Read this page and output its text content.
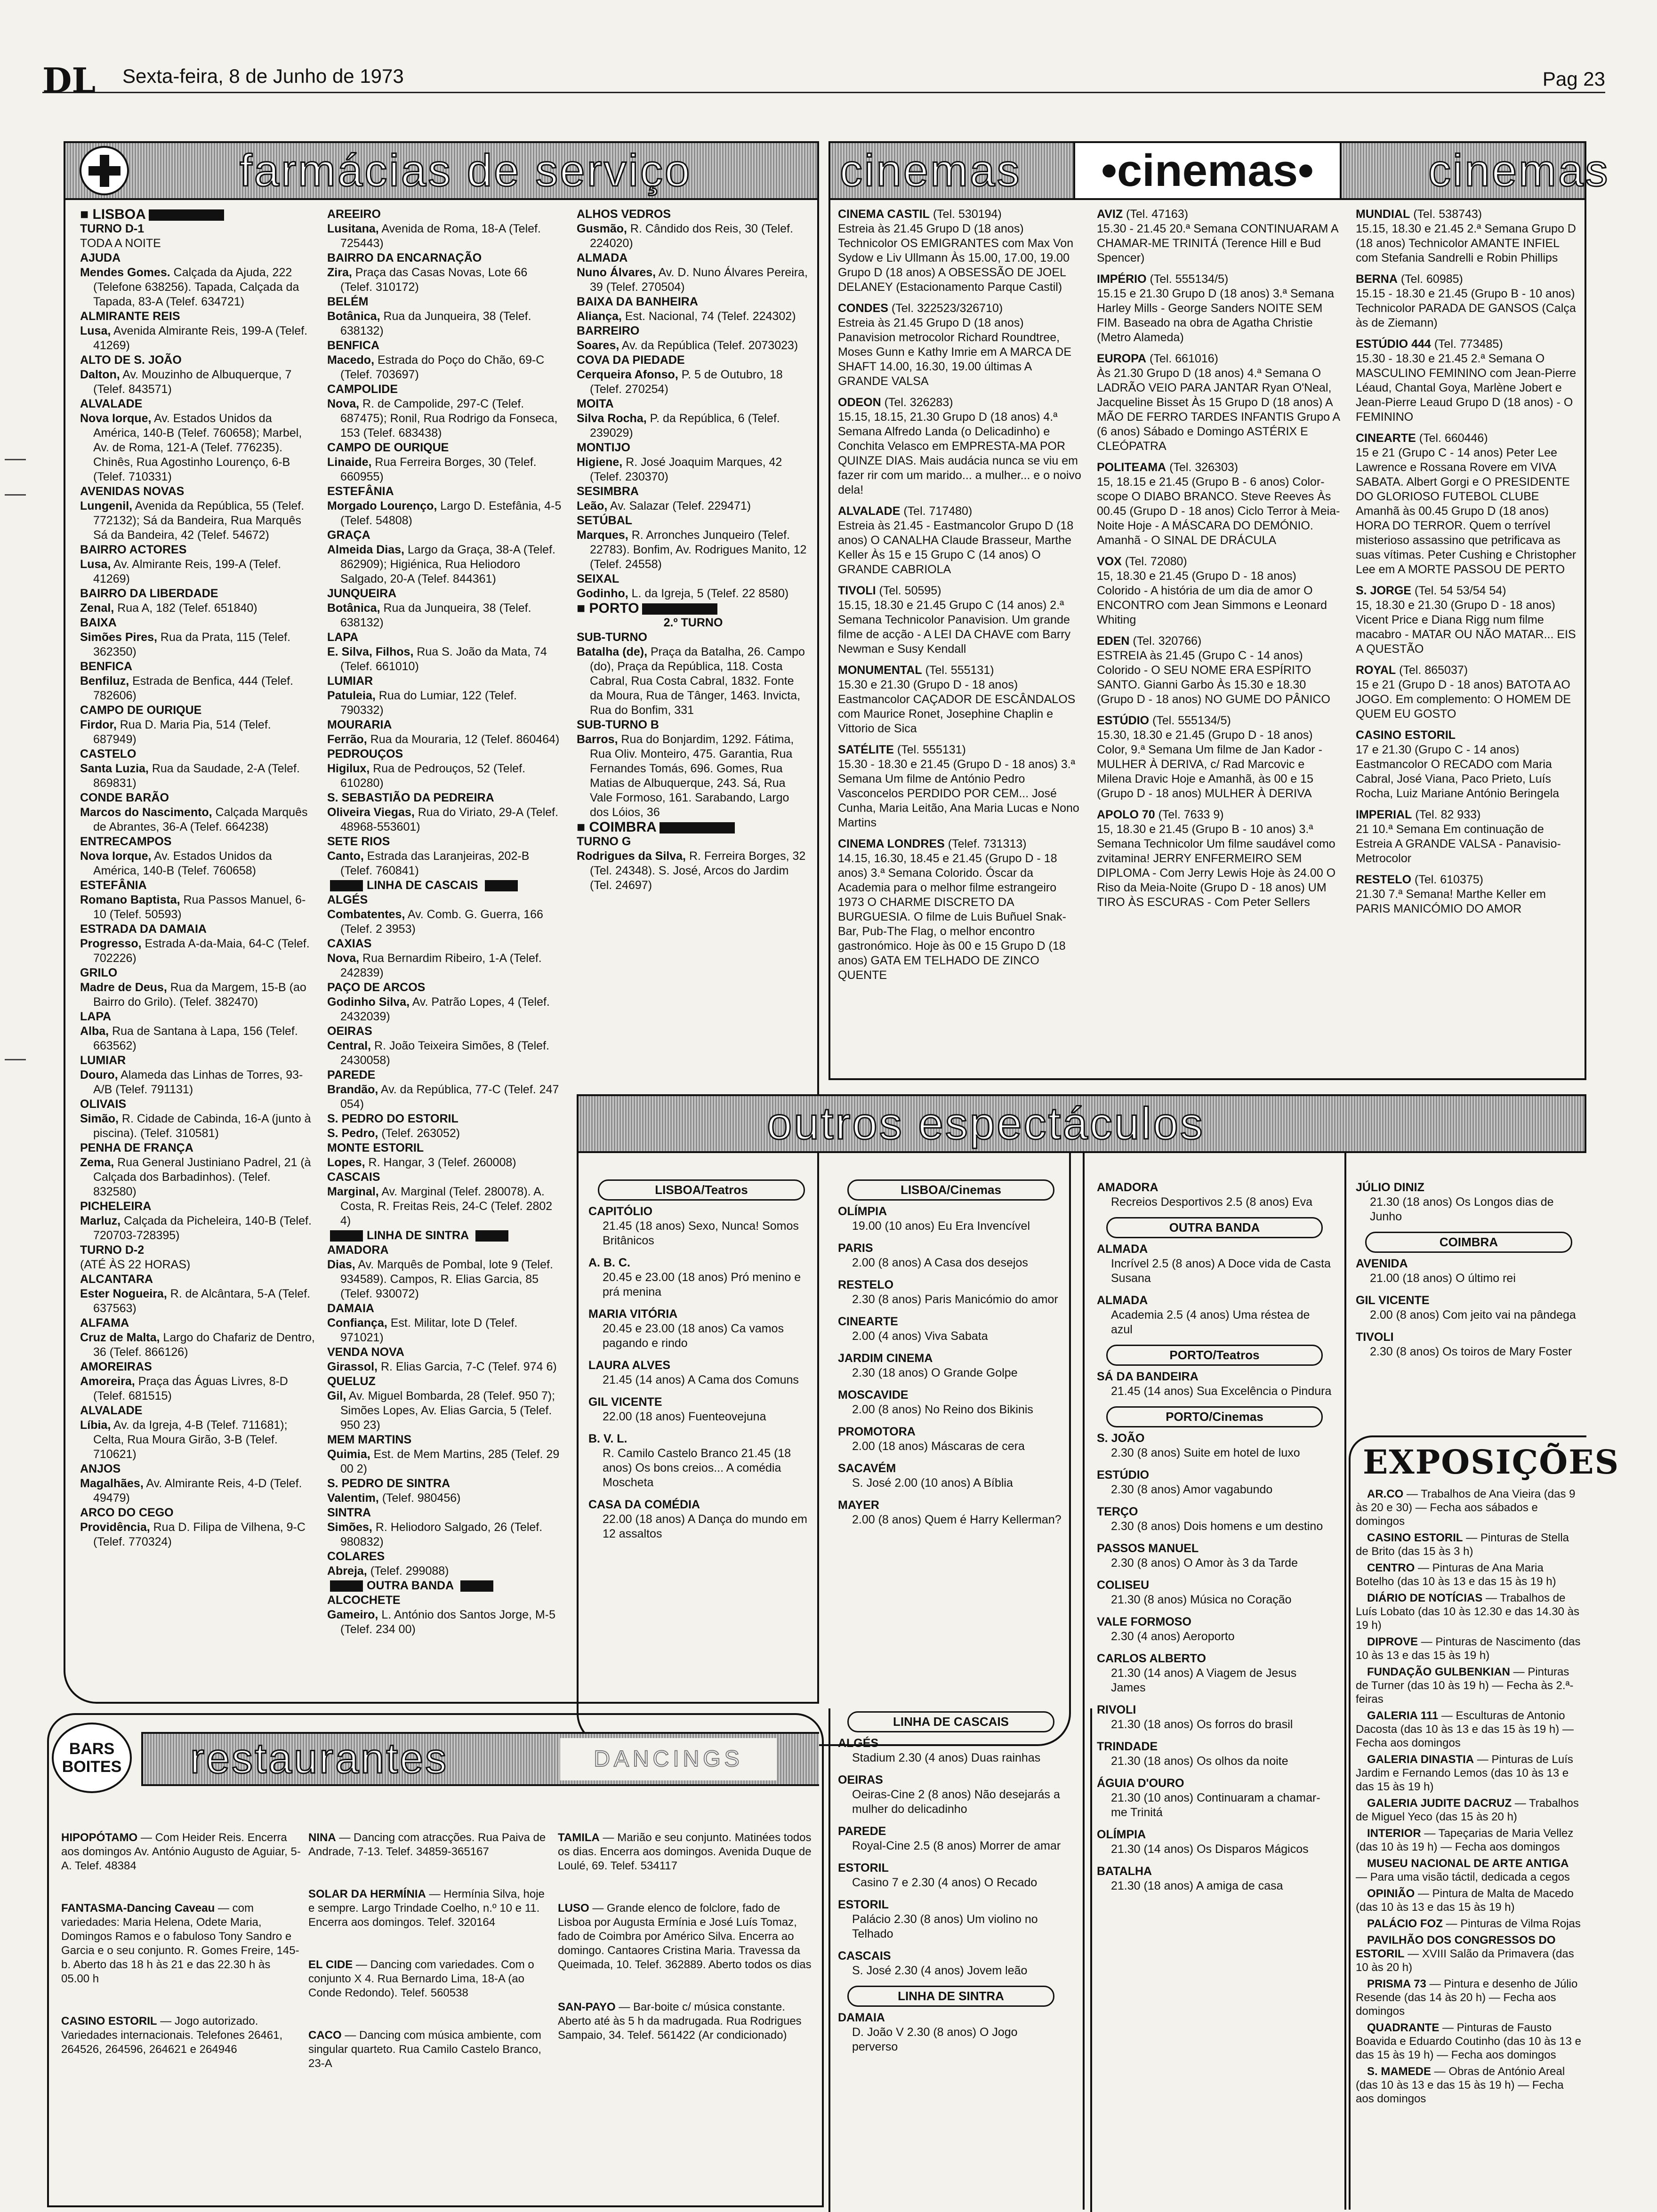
DL Sexta-feira, 8 de Junho de 1973	Pag 23
farmácias de serviço

■ LISBOA

TURNO D-1

TODA A NOITE

AJUDA

Mendes Gomes. Calçada da Ajuda, 222 (Telefone 638256). Tapada, Calçada da Tapada, 83-A (Telef. 634721)

ALMIRANTE REIS

Lusa, Avenida Almirante Reis, 199-A (Telef. 41269)

ALTO DE S. JOÃO

Dalton, Av. Mouzinho de Albuquerque, 7 (Telef. 843571)

ALVALADE

Nova Iorque, Av. Estados Unidos da América, 140-B (Telef. 760658); Marbel, Av. de Roma, 121-A (Telef. 776235). Chinês, Rua Agostinho Lourenço, 6-B (Telef. 710331)

AVENIDAS NOVAS

Lungenil, Avenida da República, 55 (Telef. 772132); Sá da Bandeira, Rua Marquês Sá da Bandeira, 42 (Telef. 54672)

BAIRRO ACTORES

Lusa, Av. Almirante Reis, 199-A (Telef. 41269)

BAIRRO DA LIBERDADE

Zenal, Rua A, 182 (Telef. 651840)

BAIXA

Simões Pires, Rua da Prata, 115 (Telef. 362350)

BENFICA

Benfiluz, Estrada de Benfica, 444 (Telef. 782606)

CAMPO DE OURIQUE

Firdor, Rua D. Maria Pia, 514 (Telef. 687949)

CASTELO

Santa Luzia, Rua da Saudade, 2-A (Telef. 869831)

CONDE BARÃO

Marcos do Nascimento, Calçada Marquês de Abrantes, 36-A (Telef. 664238)

ENTRECAMPOS

Nova Iorque, Av. Estados Unidos da América, 140-B (Telef. 760658)

ESTEFÂNIA

Romano Baptista, Rua Passos Manuel, 6-10 (Telef. 50593)

ESTRADA DA DAMAIA

Progresso, Estrada A-da-Maia, 64-C (Telef. 702226)

GRILO

Madre de Deus, Rua da Margem, 15-B (ao Bairro do Grilo). (Telef. 382470)

LAPA

Alba, Rua de Santana à Lapa, 156 (Telef. 663562)

LUMIAR

Douro, Alameda das Linhas de Torres, 93-A/B (Telef. 791131)

OLIVAIS

Simão, R. Cidade de Cabinda, 16-A (junto à piscina). (Telef. 310581)

PENHA DE FRANÇA

Zema, Rua General Justiniano Padrel, 21 (à Calçada dos Barbadinhos). (Telef. 832580)

PICHELEIRA

Marluz, Calçada da Picheleira, 140-B (Telef. 720703-728395)

TURNO D-2

(ATÉ ÀS 22 HORAS)

ALCANTARA

Ester Nogueira, R. de Alcântara, 5-A (Telef. 637563)

ALFAMA

Cruz de Malta, Largo do Chafariz de Dentro, 36 (Telef. 866126)

AMOREIRAS

Amoreira, Praça das Águas Livres, 8-D (Telef. 681515)

ALVALADE

Líbia, Av. da Igreja, 4-B (Telef. 711681); Celta, Rua Moura Girão, 3-B (Telef. 710621)

ANJOS

Magalhães, Av. Almirante Reis, 4-D (Telef. 49479)

ARCO DO CEGO

Providência, Rua D. Filipa de Vilhena, 9-C (Telef. 770324)

AREEIRO

Lusitana, Avenida de Roma, 18-A (Telef. 725443)

BAIRRO DA ENCARNAÇÃO

Zira, Praça das Casas Novas, Lote 66 (Telef. 310172)

BELÉM

Botânica, Rua da Junqueira, 38 (Telef. 638132)

BENFICA

Macedo, Estrada do Poço do Chão, 69-C (Telef. 703697)

CAMPOLIDE

Nova, R. de Campolide, 297-C (Telef. 687475); Ronil, Rua Rodrigo da Fonseca, 153 (Telef. 683438)

CAMPO DE OURIQUE

Linaide, Rua Ferreira Borges, 30 (Telef. 660955)

ESTEFÂNIA

Morgado Lourenço, Largo D. Estefânia, 4-5 (Telef. 54808)

GRAÇA

Almeida Dias, Largo da Graça, 38-A (Telef. 862909); Higiénica, Rua Heliodoro Salgado, 20-A (Telef. 844361)

JUNQUEIRA

Botânica, Rua da Junqueira, 38 (Telef. 638132)

LAPA

E. Silva, Filhos, Rua S. João da Mata, 74 (Telef. 661010)

LUMIAR

Patuleia, Rua do Lumiar, 122 (Telef. 790332)

MOURARIA

Ferrão, Rua da Mouraria, 12 (Telef. 860464)

PEDROUÇOS

Higilux, Rua de Pedrouços, 52 (Telef. 610280)

S. SEBASTIÃO DA PEDREIRA

Oliveira Viegas, Rua do Viriato, 29-A (Telef. 48968-553601)

SETE RIOS

Canto, Estrada das Laranjeiras, 202-B (Telef. 760841)

LINHA DE CASCAIS

ALGÉS

Combatentes, Av. Comb. G. Guerra, 166 (Telef. 2 3953)

CAXIAS

Nova, Rua Bernardim Ribeiro, 1-A (Telef. 242839)

PAÇO DE ARCOS

Godinho Silva, Av. Patrão Lopes, 4 (Telef. 2432039)

OEIRAS

Central, R. João Teixeira Simões, 8 (Telef. 2430058)

PAREDE

Brandão, Av. da República, 77-C (Telef. 247 054)

S. PEDRO DO ESTORIL

S. Pedro, (Telef. 263052)

MONTE ESTORIL

Lopes, R. Hangar, 3 (Telef. 260008)

CASCAIS

Marginal, Av. Marginal (Telef. 280078). A. Costa, R. Freitas Reis, 24-C (Telef. 2802 4)

LINHA DE SINTRA

AMADORA

Dias, Av. Marquês de Pombal, lote 9 (Telef. 934589). Campos, R. Elias Garcia, 85 (Telef. 930072)

DAMAIA

Confiança, Est. Militar, lote D (Telef. 971021)

VENDA NOVA

Girassol, R. Elias Garcia, 7-C (Telef. 974 6)

QUELUZ

Gil, Av. Miguel Bombarda, 28 (Telef. 950 7); Simões Lopes, Av. Elias Garcia, 5 (Telef. 950 23)

MEM MARTINS

Quimia, Est. de Mem Martins, 285 (Telef. 29 00 2)

S. PEDRO DE SINTRA

Valentim, (Telef. 980456)

SINTRA

Simões, R. Heliodoro Salgado, 26 (Telef. 980832)

COLARES

Abreja, (Telef. 299088)

OUTRA BANDA

ALCOCHETE

Gameiro, L. António dos Santos Jorge, M-5 (Telef. 234 00)

ALHOS VEDROS

Gusmão, R. Cândido dos Reis, 30 (Telef. 224020)

ALMADA

Nuno Álvares, Av. D. Nuno Álvares Pereira, 39 (Telef. 270504)

BAIXA DA BANHEIRA

Aliança, Est. Nacional, 74 (Telef. 224302)

BARREIRO

Soares, Av. da República (Telef. 2073023)

COVA DA PIEDADE

Cerqueira Afonso, P. 5 de Outubro, 18 (Telef. 270254)

MOITA

Silva Rocha, P. da República, 6 (Telef. 239029)

MONTIJO

Higiene, R. José Joaquim Marques, 42 (Telef. 230370)

SESIMBRA

Leão, Av. Salazar (Telef. 229471)

SETÚBAL

Marques, R. Arronches Junqueiro (Telef. 22783). Bonfim, Av. Rodrigues Manito, 12 (Telef. 24558)

SEIXAL

Godinho, L. da Igreja, 5 (Telef. 22 8580)

■ PORTO

2.º TURNO

SUB-TURNO

Batalha (de), Praça da Batalha, 26. Campo (do), Praça da República, 118. Costa Cabral, Rua Costa Cabral, 1832. Fonte da Moura, Rua de Tânger, 1463. Invicta, Rua do Bonfim, 331

SUB-TURNO B

Barros, Rua do Bonjardim, 1292. Fátima, Rua Oliv. Monteiro, 475. Garantia, Rua Fernandes Tomás, 696. Gomes, Rua Matias de Albuquerque, 243. Sá, Rua Vale Formoso, 161. Sarabando, Largo dos Lóios, 36

■ COIMBRA

TURNO G

Rodrigues da Silva, R. Ferreira Borges, 32 (Tel. 24348). S. José, Arcos do Jardim (Tel. 24697)

cinemas	cinemas
•cinemas•

CINEMA CASTIL (Tel. 530194)

Estreia às 21.45 Grupo D (18 anos) Technicolor OS EMIGRANTES com Max Von Sydow e Liv Ullmann Às 15.00, 17.00, 19.00 Grupo D (18 anos) A OBSESSÃO DE JOEL DELANEY (Estacionamento Parque Castil)

CONDES (Tel. 322523/326710)

Estreia às 21.45 Grupo D (18 anos) Panavision metrocolor Richard Roundtree, Moses Gunn e Kathy Imrie em A MARCA DE SHAFT 14.00, 16.30, 19.00 últimas A GRANDE VALSA

ODEON (Tel. 326283)

15.15, 18.15, 21.30 Grupo D (18 anos) 4.ª Semana Alfredo Landa (o Delicadinho) e Conchita Velasco em EMPRESTA-MA POR QUINZE DIAS. Mais audácia nunca se viu em fazer rir com um marido... a mulher... e o noivo dela!

ALVALADE (Tel. 717480)

Estreia às 21.45 - Eastmancolor Grupo D (18 anos) O CANALHA Claude Brasseur, Marthe Keller Às 15 e 15 Grupo C (14 anos) O GRANDE CABRIOLA

TIVOLI (Tel. 50595)

15.15, 18.30 e 21.45 Grupo C (14 anos) 2.ª Semana Technicolor Panavision. Um grande filme de acção - A LEI DA CHAVE com Barry Newman e Susy Kendall

MONUMENTAL (Tel. 555131)

15.30 e 21.30 (Grupo D - 18 anos) Eastmancolor CAÇADOR DE ESCÂNDALOS com Maurice Ronet, Josephine Chaplin e Vittorio de Sica

SATÉLITE (Tel. 555131)

15.30 - 18.30 e 21.45 (Grupo D - 18 anos) 3.ª Semana Um filme de António Pedro Vasconcelos PERDIDO POR CEM... José Cunha, Maria Leitão, Ana Maria Lucas e Nono Martins

CINEMA LONDRES (Telef. 731313)

14.15, 16.30, 18.45 e 21.45 (Grupo D - 18 anos) 3.ª Semana Colorido. Óscar da Academia para o melhor filme estrangeiro 1973 O CHARME DISCRETO DA BURGUESIA. O filme de Luis Buñuel Snak-Bar, Pub-The Flag, o melhor encontro gastronómico. Hoje às 00 e 15 Grupo D (18 anos) GATA EM TELHADO DE ZINCO QUENTE

AVIZ (Tel. 47163)

15.30 - 21.45 20.ª Semana CONTINUARAM A CHAMAR-ME TRINITÁ (Terence Hill e Bud Spencer)

IMPÉRIO (Tel. 555134/5)

15.15 e 21.30 Grupo D (18 anos) 3.ª Semana Harley Mills - George Sanders NOITE SEM FIM. Baseado na obra de Agatha Christie (Metro Alameda)

EUROPA (Tel. 661016)

Às 21.30 Grupo D (18 anos) 4.ª Semana O LADRÃO VEIO PARA JANTAR Ryan O'Neal, Jacqueline Bisset Às 15 Grupo D (18 anos) A MÃO DE FERRO TARDES INFANTIS Grupo A (6 anos) Sábado e Domingo ASTÉRIX E CLEÓPATRA

POLITEAMA (Tel. 326303)

15, 18.15 e 21.45 (Grupo B - 6 anos) Color-scope O DIABO BRANCO. Steve Reeves Às 00.45 (Grupo D - 18 anos) Ciclo Terror à Meia-Noite Hoje - A MÁSCARA DO DEMÓNIO. Amanhã - O SINAL DE DRÁCULA

VOX (Tel. 72080)

15, 18.30 e 21.45 (Grupo D - 18 anos) Colorido - A história de um dia de amor O ENCONTRO com Jean Simmons e Leonard Whiting

EDEN (Tel. 320766)

ESTREIA às 21.45 (Grupo C - 14 anos) Colorido - O SEU NOME ERA ESPÍRITO SANTO. Gianni Garbo Às 15.30 e 18.30 (Grupo D - 18 anos) NO GUME DO PÂNICO

ESTÚDIO (Tel. 555134/5)

15.30, 18.30 e 21.45 (Grupo D - 18 anos) Color, 9.ª Semana Um filme de Jan Kador - MULHER À DERIVA, c/ Rad Marcovic e Milena Dravic Hoje e Amanhã, às 00 e 15 (Grupo D - 18 anos) MULHER À DERIVA

APOLO 70 (Tel. 7633 9)

15, 18.30 e 21.45 (Grupo B - 10 anos) 3.ª Semana Technicolor Um filme saudável como zvitamina! JERRY ENFERMEIRO SEM DIPLOMA - Com Jerry Lewis Hoje às 24.00 O Riso da Meia-Noite (Grupo D - 18 anos) UM TIRO ÀS ESCURAS - Com Peter Sellers

MUNDIAL (Tel. 538743)

15.15, 18.30 e 21.45 2.ª Semana Grupo D (18 anos) Technicolor AMANTE INFIEL com Stefania Sandrelli e Robin Phillips

BERNA (Tel. 60985)

15.15 - 18.30 e 21.45 (Grupo B - 10 anos) Technicolor PARADA DE GANSOS (Calça às de Ziemann)

ESTÚDIO 444 (Tel. 773485)

15.30 - 18.30 e 21.45 2.ª Semana O MASCULINO FEMININO com Jean-Pierre Léaud, Chantal Goya, Marlène Jobert e Jean-Pierre Leaud Grupo D (18 anos) - O FEMININO

CINEARTE (Tel. 660446)

15 e 21 (Grupo C - 14 anos) Peter Lee Lawrence e Rossana Rovere em VIVA SABATA. Albert Gorgi e O PRESIDENTE DO GLORIOSO FUTEBOL CLUBE Amanhã às 00.45 Grupo D (18 anos) HORA DO TERROR. Quem o terrível misterioso assassino que petrificava as suas vítimas. Peter Cushing e Christopher Lee em A MORTE PASSOU DE PERTO

S. JORGE (Tel. 54 53/54 54)

15, 18.30 e 21.30 (Grupo D - 18 anos) Vicent Price e Diana Rigg num filme macabro - MATAR OU NÃO MATAR... EIS A QUESTÃO

ROYAL (Tel. 865037)

15 e 21 (Grupo D - 18 anos) BATOTA AO JOGO. Em complemento: O HOMEM DE QUEM EU GOSTO

CASINO ESTORIL

17 e 21.30 (Grupo C - 14 anos) Eastmancolor O RECADO com Maria Cabral, José Viana, Paco Prieto, Luís Rocha, Luiz Mariane António Beringela

IMPERIAL (Tel. 82 933)

21 10.ª Semana Em continuação de Estreia A GRANDE VALSA - Panavisio-Metrocolor

RESTELO (Tel. 610375)

21.30 7.ª Semana! Marthe Keller em PARIS MANICÓMIO DO AMOR

outros espectáculos
LISBOA/Teatros

CAPITÓLIO

21.45 (18 anos) Sexo, Nunca! Somos Britânicos

A. B. C.

20.45 e 23.00 (18 anos) Pró menino e prá menina

MARIA VITÓRIA

20.45 e 23.00 (18 anos) Ca vamos pagando e rindo

LAURA ALVES

21.45 (14 anos) A Cama dos Comuns

GIL VICENTE

22.00 (18 anos) Fuenteovejuna

B. V. L.

R. Camilo Castelo Branco 21.45 (18 anos) Os bons creios... A comédia Moscheta

CASA DA COMÉDIA

22.00 (18 anos) A Dança do mundo em 12 assaltos

LISBOA/Cinemas

OLÍMPIA

19.00 (10 anos) Eu Era Invencível

PARIS

2.00 (8 anos) A Casa dos desejos

RESTELO

2.30 (8 anos) Paris Manicómio do amor

CINEARTE

2.00 (4 anos) Viva Sabata

JARDIM CINEMA

2.30 (18 anos) O Grande Golpe

MOSCAVIDE

2.00 (8 anos) No Reino dos Bikinis

PROMOTORA

2.00 (18 anos) Máscaras de cera

SACAVÉM

S. José 2.00 (10 anos) A Bíblia

MAYER

2.00 (8 anos) Quem é Harry Kellerman?

LINHA DE CASCAIS

ALGÉS

Stadium 2.30 (4 anos) Duas rainhas

OEIRAS

Oeiras-Cine 2 (8 anos) Não desejarás a mulher do delicadinho

PAREDE

Royal-Cine 2.5 (8 anos) Morrer de amar

ESTORIL

Casino 7 e 2.30 (4 anos) O Recado

ESTORIL

Palácio 2.30 (8 anos) Um violino no Telhado

CASCAIS

S. José 2.30 (4 anos) Jovem leão

LINHA DE SINTRA

DAMAIA

D. João V 2.30 (8 anos) O Jogo perverso

AMADORA

Recreios Desportivos 2.5 (8 anos) Eva

OUTRA BANDA

ALMADA

Incrível 2.5 (8 anos) A Doce vida de Casta Susana

ALMADA

Academia 2.5 (4 anos) Uma réstea de azul

PORTO/Teatros

SÁ DA BANDEIRA

21.45 (14 anos) Sua Excelência o Pindura

PORTO/Cinemas

S. JOÃO

2.30 (8 anos) Suite em hotel de luxo

ESTÚDIO

2.30 (8 anos) Amor vagabundo

TERÇO

2.30 (8 anos) Dois homens e um destino

PASSOS MANUEL

2.30 (8 anos) O Amor às 3 da Tarde

COLISEU

21.30 (8 anos) Música no Coração

VALE FORMOSO

2.30 (4 anos) Aeroporto

CARLOS ALBERTO

21.30 (14 anos) A Viagem de Jesus James

RIVOLI

21.30 (18 anos) Os forros do brasil

TRINDADE

21.30 (18 anos) Os olhos da noite

ÁGUIA D'OURO

21.30 (10 anos) Continuaram a chamar-me Trinitá

OLÍMPIA

21.30 (14 anos) Os Disparos Mágicos

BATALHA

21.30 (18 anos) A amiga de casa

JÚLIO DINIZ

21.30 (18 anos) Os Longos dias de Junho

COIMBRA

AVENIDA

21.00 (18 anos) O último rei

GIL VICENTE

2.00 (8 anos) Com jeito vai na pândega

TIVOLI

2.30 (8 anos) Os toiros de Mary Foster

EXPOSIÇÕES

AR.CO — Trabalhos de Ana Vieira (das 9 às 20 e 30) — Fecha aos sábados e domingos

CASINO ESTORIL — Pinturas de Stella de Brito (das 15 às 3 h)

CENTRO — Pinturas de Ana Maria Botelho (das 10 às 13 e das 15 às 19 h)

DIÁRIO DE NOTÍCIAS — Trabalhos de Luís Lobato (das 10 às 12.30 e das 14.30 às 19 h)

DIPROVE — Pinturas de Nascimento (das 10 às 13 e das 15 às 19 h)

FUNDAÇÃO GULBENKIAN — Pinturas de Turner (das 10 às 19 h) — Fecha às 2.ª-feiras

GALERIA 111 — Esculturas de Antonio Dacosta (das 10 às 13 e das 15 às 19 h) — Fecha aos domingos

GALERIA DINASTIA — Pinturas de Luís Jardim e Fernando Lemos (das 10 às 13 e das 15 às 19 h)

GALERIA JUDITE DACRUZ — Trabalhos de Miguel Yeco (das 15 às 20 h)

INTERIOR — Tapeçarias de Maria Vellez (das 10 às 19 h) — Fecha aos domingos

MUSEU NACIONAL DE ARTE ANTIGA — Para uma visão táctil, dedicada a cegos

OPINIÃO — Pintura de Malta de Macedo (das 10 às 13 e das 15 às 19 h)

PALÁCIO FOZ — Pinturas de Vilma Rojas

PAVILHÃO DOS CONGRESSOS DO ESTORIL — XVIII Salão da Primavera (das 10 às 20 h)

PRISMA 73 — Pintura e desenho de Júlio Resende (das 14 às 20 h) — Fecha aos domingos

QUADRANTE — Pinturas de Fausto Boavida e Eduardo Coutinho (das 10 às 13 e das 15 às 19 h) — Fecha aos domingos

S. MAMEDE — Obras de António Areal (das 10 às 13 e das 15 às 19 h) — Fecha aos domingos

BARS
BOITES restaurantes	DANCINGS

HIPOPÓTAMO — Com Heider Reis. Encerra aos domingos Av. António Augusto de Aguiar, 5-A. Telef. 48384

FANTASMA-Dancing Caveau — com variedades: Maria Helena, Odete Maria, Domingos Ramos e o fabuloso Tony Sandro e Garcia e o seu conjunto. R. Gomes Freire, 145-b. Aberto das 18 h às 21 e das 22.30 h às 05.00 h

CASINO ESTORIL — Jogo autorizado. Variedades internacionais. Telefones 26461, 264526, 264596, 264621 e 264946

NINA — Dancing com atracções. Rua Paiva de Andrade, 7-13. Telef. 34859-365167

SOLAR DA HERMÍNIA — Hermínia Silva, hoje e sempre. Largo Trindade Coelho, n.º 10 e 11. Encerra aos domingos. Telef. 320164

EL CIDE — Dancing com variedades. Com o conjunto X 4. Rua Bernardo Lima, 18-A (ao Conde Redondo). Telef. 560538

CACO — Dancing com música ambiente, com singular quarteto. Rua Camilo Castelo Branco, 23-A

TAMILA — Marião e seu conjunto. Matinées todos os dias. Encerra aos domingos. Avenida Duque de Loulé, 69. Telef. 534117

LUSO — Grande elenco de folclore, fado de Lisboa por Augusta Ermínia e José Luís Tomaz, fado de Coimbra por Américo Silva. Encerra ao domingo. Cantaores Cristina Maria. Travessa da Queimada, 10. Telef. 362889. Aberto todos os dias

SAN-PAYO — Bar-boite c/ música constante. Aberto até às 5 h da madrugada. Rua Rodrigues Sampaio, 34. Telef. 561422 (Ar condicionado)
